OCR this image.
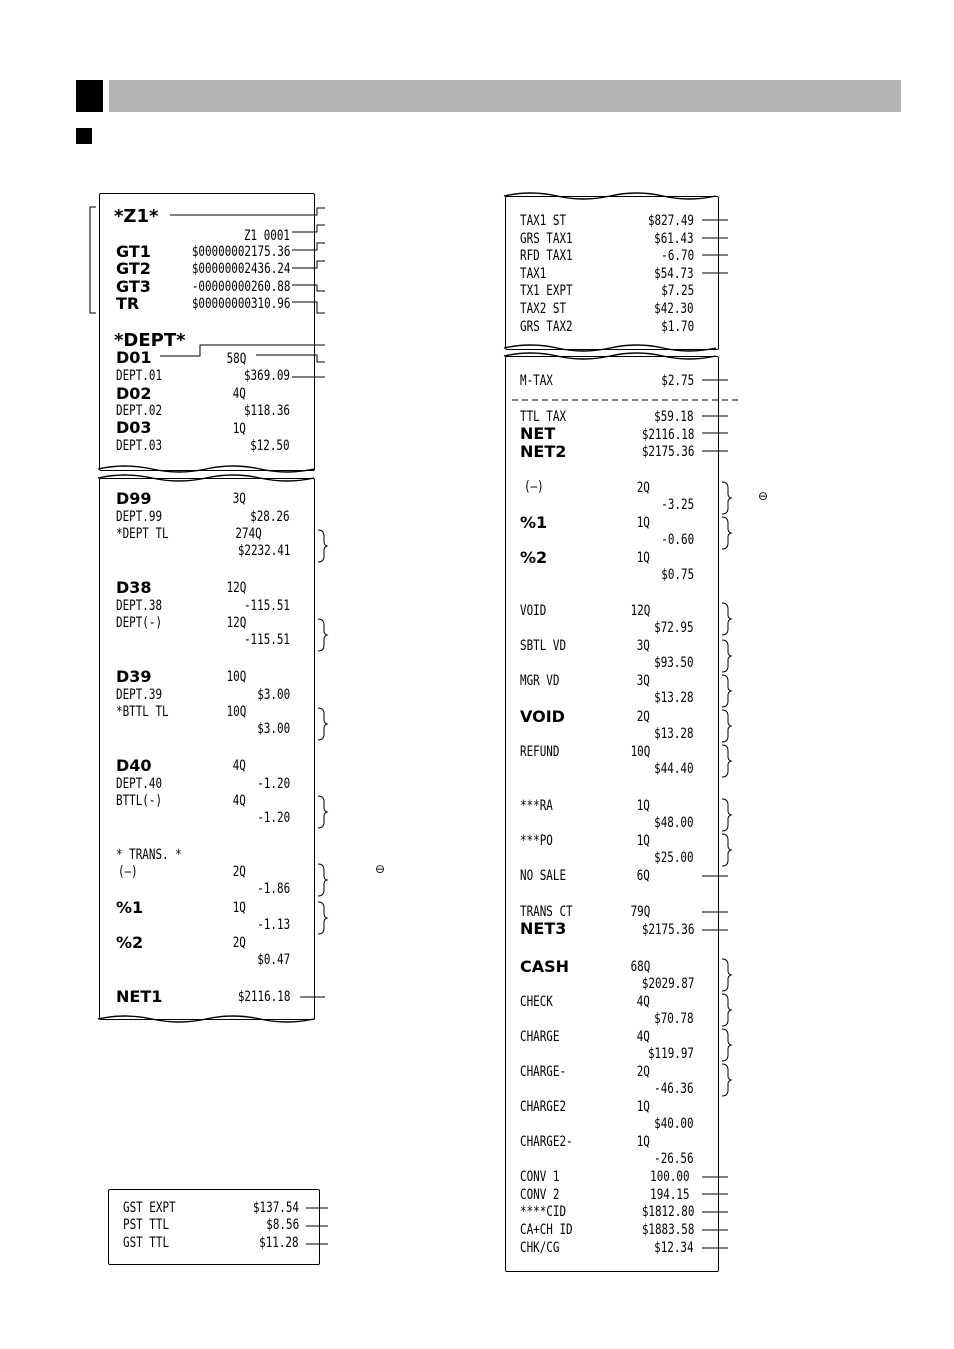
*Z1*
Z1 0001
GT1	$00000002175.36
GT2	$00000002436.24
GT3	-00000000260.88
TR	$00000000310.96
*DEPT*
D01	58Q
DEPT.01	$369.09
D02	4Q
DEPT.02	$118.36
D03	1Q
DEPT.03	$12.50
D99	3Q
DEPT.99	$28.26
*DEPT TL	274Q
$2232.41
D38	12Q
DEPT.38	-115.51
DEPT(-)	12Q
-115.51
D39	10Q
DEPT.39	$3.00
*BTTL TL	10Q
$3.00
D40	4Q
DEPT.40	-1.20
BTTL(-)	4Q
-1.20
* TRANS. *
(—)	2Q
-1.86
%1	1Q
-1.13
%2	2Q
$0.47
NET1	$2116.18
GST EXPT	$137.54
PST TTL	$8.56
GST TTL	$11.28
TAX1 ST	$827.49
GRS TAX1	$61.43
RFD TAX1	-6.70
TAX1	$54.73
TX1 EXPT	$7.25
TAX2 ST	$42.30
GRS TAX2	$1.70
M-TAX	$2.75
TTL TAX	$59.18
NET	$2116.18
NET2	$2175.36
(—)	2Q
-3.25
%1	1Q
-0.60
%2	1Q
$0.75
VOID	12Q
$72.95
SBTL VD	3Q
$93.50
MGR VD	3Q
$13.28
VOID	2Q
$13.28
REFUND	10Q
$44.40
***RA	1Q
$48.00
***PO	1Q
$25.00
NO SALE	6Q
TRANS CT	79Q
NET3	$2175.36
CASH	68Q
$2029.87
CHECK	4Q
$70.78
CHARGE	4Q
$119.97
CHARGE-	2Q
-46.36
CHARGE2	1Q
$40.00
CHARGE2-	1Q
-26.56
CONV 1	100.00
CONV 2	194.15
****CID	$1812.80
CA+CH ID	$1883.58
CHK/CG	$12.34
⊖
⊖
